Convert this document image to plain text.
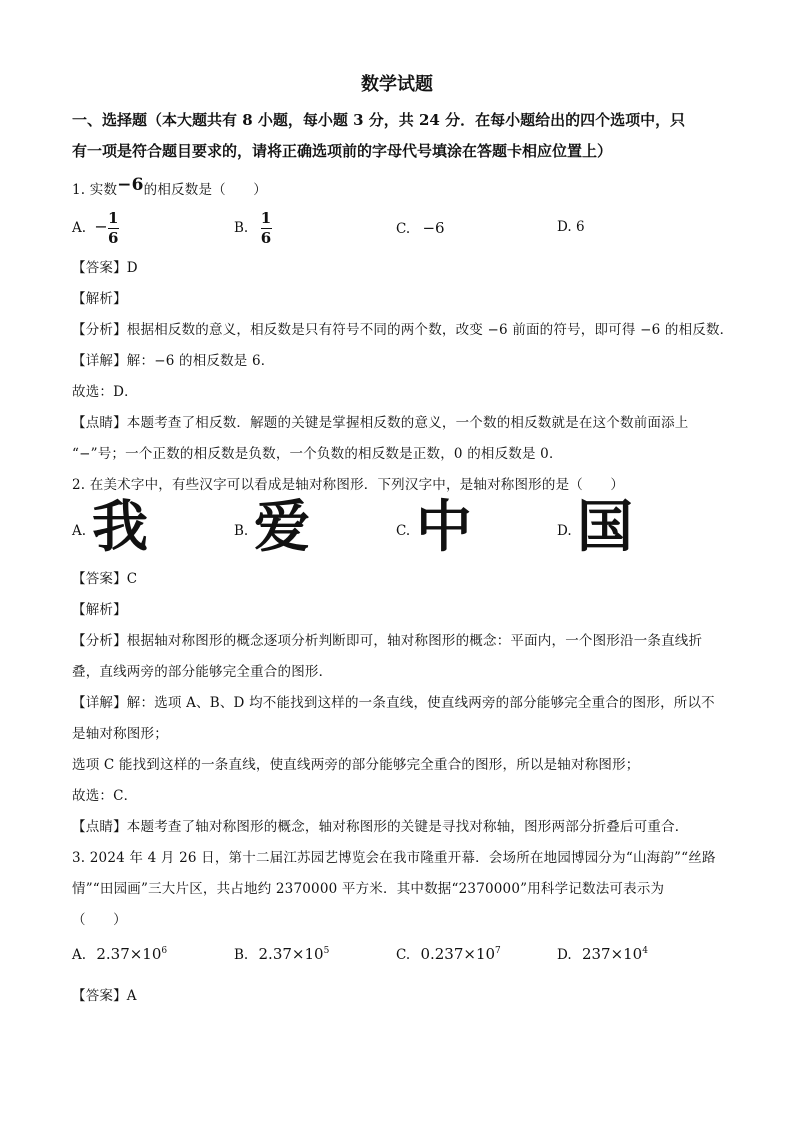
数学试题
一、选择题（本大题共有 8 小题，每小题 3 分，共 24 分．在每小题给出的四个选项中，只
有一项是符合题目要求的，请将正确选项前的字母代号填涂在答题卡相应位置上）
1. 实数−6的相反数是（　　）
A. − $\frac{1}{6}$	B. $\frac{1}{6}$	C. −6	D. 6
【答案】D
【解析】
【分析】根据相反数的意义，相反数是只有符号不同的两个数，改变 −6 前面的符号，即可得 −6 的相反数．
【详解】解：−6 的相反数是 6．
故选：D．
【点睛】本题考查了相反数．解题的关键是掌握相反数的意义，一个数的相反数就是在这个数前面添上
“−”号；一个正数的相反数是负数，一个负数的相反数是正数，0 的相反数是 0．
2. 在美术字中，有些汉字可以看成是轴对称图形．下列汉字中，是轴对称图形的是（　　）
A. 我	B. 爱	C. 中	D. 国
【答案】C
【解析】
【分析】根据轴对称图形的概念逐项分析判断即可，轴对称图形的概念：平面内，一个图形沿一条直线折
叠，直线两旁的部分能够完全重合的图形．
【详解】解：选项 A、B、D 均不能找到这样的一条直线，使直线两旁的部分能够完全重合的图形，所以不
是轴对称图形；
选项 C 能找到这样的一条直线，使直线两旁的部分能够完全重合的图形，所以是轴对称图形；
故选：C．
【点睛】本题考查了轴对称图形的概念，轴对称图形的关键是寻找对称轴，图形两部分折叠后可重合．
3. 2024 年 4 月 26 日，第十二届江苏园艺博览会在我市隆重开幕．会场所在地园博园分为“山海韵”“丝路
情”“田园画”三大片区，共占地约 2370000 平方米．其中数据“2370000”用科学记数法可表示为
（　　）
A. $2.37\times 10^6$	B. $2.37\times 10^5$	C. $0.237\times 10^7$	D. $237\times 10^4$
【答案】A
